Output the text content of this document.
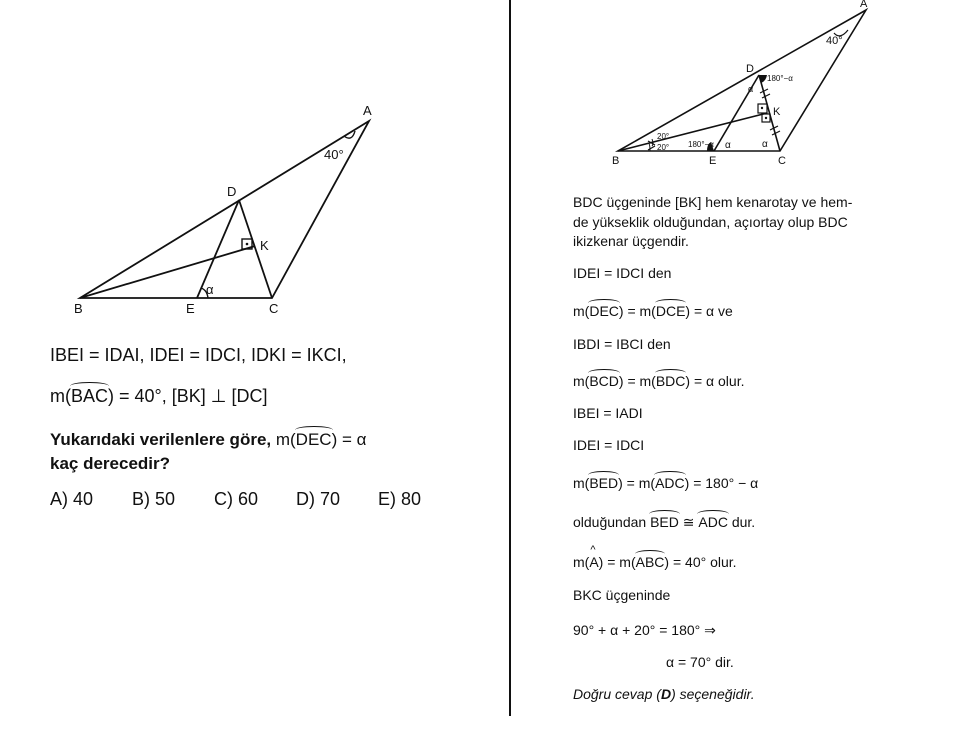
A
B	C
D
E
K
40°
α
IBEI = IDAI, IDEI = IDCI, IDKI = IKCI,
m(BAC) = 40°, [BK] ⊥ [DC]
Yukarıdaki verilenlere göre, m(DEC) = α
kaç derecedir?
A) 40 B) 50 C) 60 D) 70 E) 80
A
B	C
D
E
K
40°
180°−α
α
20°
20° 180°−α α	α
BDC üçgeninde [BK] hem kenarotay ve hem-
de yükseklik olduğundan, açıortay olup BDC
ikizkenar üçgendir.
IDEI = IDCI den
m(DEC) = m(DCE) = α ve
IBDI = IBCI den
m(BCD) = m(BDC) = α olur.
IBEI = IADI
IDEI = IDCI
m(BED) = m(ADC) = 180° − α
olduğundan BED ≅ ADC dur.
m(^ A) = m(ABC) = 40° olur.
BKC üçgeninde
90° + α + 20° = 180° ⇒
α = 70° dir.
Doğru cevap (D) seçeneğidir.
